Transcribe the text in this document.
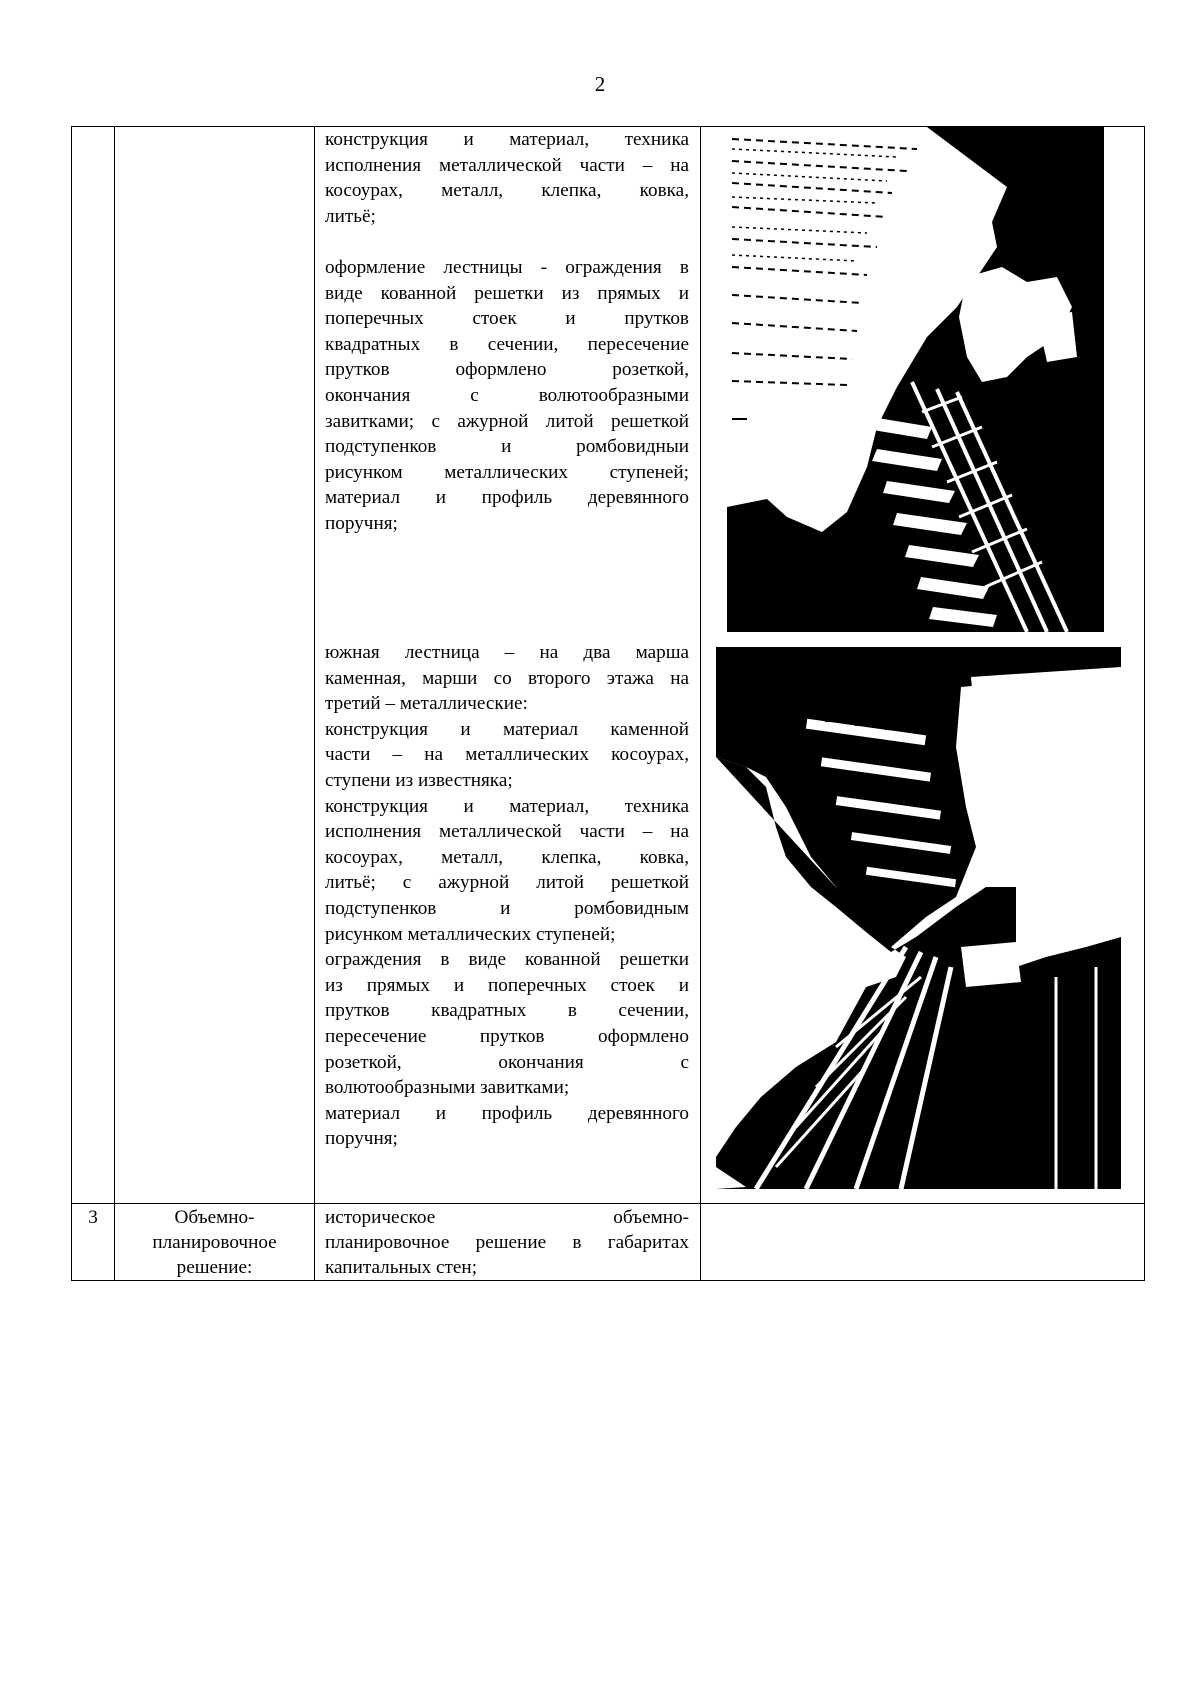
2
конструкция и материал, техника
исполнения металлической части – на
косоурах, металл, клепка, ковка,
литьё;
оформление лестницы - ограждения в
виде кованной решетки из прямых и
поперечных стоек и прутков
квадратных в сечении, пересечение
прутков оформлено розеткой,
окончания с волютообразными
завитками; с ажурной литой решеткой
подступенков и ромбовидныи
рисунком металлических ступеней;
материал и профиль деревянного
поручня;
южная лестница – на два марша
каменная, марши со второго этажа на
третий – металлические:
конструкция и материал каменной
части – на металлических косоурах,
ступени из известняка;
конструкция и материал, техника
исполнения металлической части – на
косоурах, металл, клепка, ковка,
литьё; с ажурной литой решеткой
подступенков и ромбовидным
рисунком металлических ступеней;
ограждения в виде кованной решетки
из прямых и поперечных стоек и
прутков квадратных в сечении,
пересечение прутков оформлено
розеткой, окончания с
волютообразными завитками;
материал и профиль деревянного
поручня;
3	Объемно-
планировочное
решение:
историческое объемно-
планировочное решение в габаритах
капитальных стен;
